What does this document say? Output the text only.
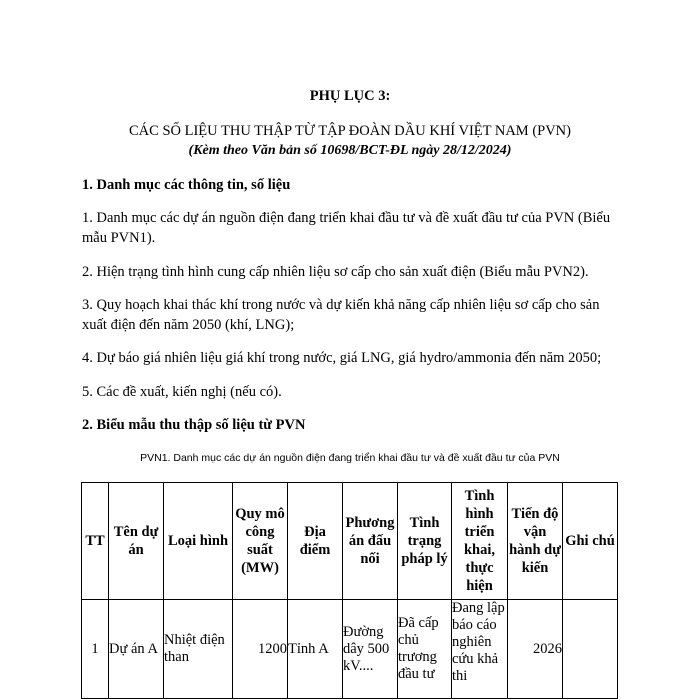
PHỤ LỤC 3:
CÁC SỐ LIỆU THU THẬP TỪ TẬP ĐOÀN DẦU KHÍ VIỆT NAM (PVN)
(Kèm theo Văn bản số 10698/BCT-ĐL ngày 28/12/2024)
1. Danh mục các thông tin, số liệu
1. Danh mục các dự án nguồn điện đang triển khai đầu tư và đề xuất đầu tư của PVN (Biểu mẫu PVN1).
2. Hiện trạng tình hình cung cấp nhiên liệu sơ cấp cho sản xuất điện (Biểu mẫu PVN2).
3. Quy hoạch khai thác khí trong nước và dự kiến khả năng cấp nhiên liệu sơ cấp cho sản xuất điện đến năm 2050 (khí, LNG);
4. Dự báo giá nhiên liệu giá khí trong nước, giá LNG, giá hydro/ammonia đến năm 2050;
5. Các đề xuất, kiến nghị (nếu có).
2. Biểu mẫu thu thập số liệu từ PVN
PVN1. Danh mục các dự án nguồn điện đang triển khai đầu tư và đề xuất đầu tư của PVN
TT	Tên dự án	Loại hình	Quy mô công suất (MW)	Địa điểm	Phương án đấu nối	Tình trạng pháp lý	Tình hình triển khai, thực hiện	Tiến độ vận hành dự kiến	Ghi chú
1	Dự án A	Nhiệt điện than	1200	Tỉnh A	Đường dây 500 kV....	Đã cấp chủ trương đầu tư	Đang lập báo cáo nghiên cứu khả thi	2026	
